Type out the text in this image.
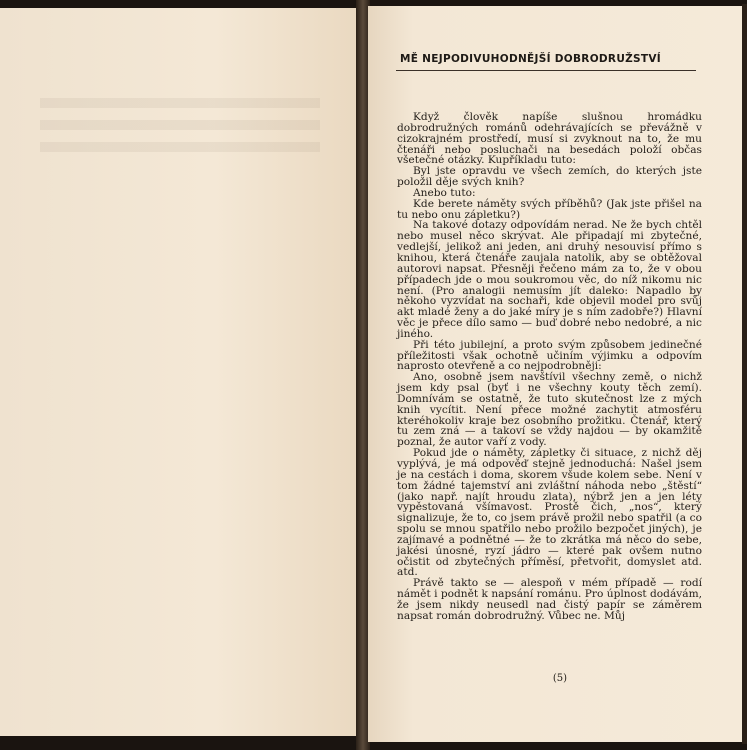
MĚ NEJPODIVUHODNĚJŠÍ DOBRODRUŽSTVÍ

Když člověk napíše slušnou hromádku dobrodružných románů odehrávajících se převážně v cizokrajném prostředí, musí si zvyknout na to, že mu čtenáři nebo posluchači na besedách položí občas všetečné otázky. Kupříkladu tuto:

Byl jste opravdu ve všech zemích, do kterých jste položil děje svých knih?

Anebo tuto:

Kde berete náměty svých příběhů? (Jak jste přišel na tu nebo onu zápletku?)

Na takové dotazy odpovídám nerad. Ne že bych chtěl nebo musel něco skrývat. Ale připadají mi zbytečné, vedlejší, jelikož ani jeden, ani druhý nesouvisí přímo s knihou, která čtenáře zaujala natolik, aby se obtěžoval autorovi napsat. Přesněji řečeno mám za to, že v obou případech jde o mou soukromou věc, do níž nikomu nic není. (Pro analogii nemusím jít daleko: Napadlo by někoho vyzvídat na sochaři, kde objevil model pro svůj akt mladé ženy a do jaké míry je s ním zadobře?) Hlavní věc je přece dílo samo — buď dobré nebo nedobré, a nic jiného.

Při této jubilejní, a proto svým způsobem jedinečné příležitosti však ochotně učiním výjimku a odpovím naprosto otevřeně a co nejpodrobněji:

Ano, osobně jsem navštívil všechny země, o nichž jsem kdy psal (byť i ne všechny kouty těch zemí). Domnívám se ostatně, že tuto skutečnost lze z mých knih vycítit. Není přece možné zachytit atmosféru kteréhokoliv kraje bez osobního prožitku. Čtenář, který tu zem zná — a takoví se vždy najdou — by okamžitě poznal, že autor vaří z vody.

Pokud jde o náměty, zápletky či situace, z nichž děj vyplývá, je má odpověď stejně jednoduchá: Našel jsem je na cestách i doma, skorem všude kolem sebe. Není v tom žádné tajemství ani zvláštní náhoda nebo „štěstí“ (jako např. najít hroudu zlata), nýbrž jen a jen léty vypěstovaná všímavost. Prostě čich, „nos“, který signalizuje, že to, co jsem právě prožil nebo spatřil (a co spolu se mnou spatřilo nebo prožilo bezpočet jiných), je zajímavé a podnětné — že to zkrátka má něco do sebe, jakési únosné, ryzí jádro — které pak ovšem nutno očistit od zbytečných příměsí, přetvořit, domyslet atd. atd.

Právě takto se — alespoň v mém případě — rodí námět i podnět k napsání románu. Pro úplnost dodávám, že jsem nikdy neusedl nad čistý papír se záměrem napsat román dobrodružný. Vůbec ne. Můj

(5)
